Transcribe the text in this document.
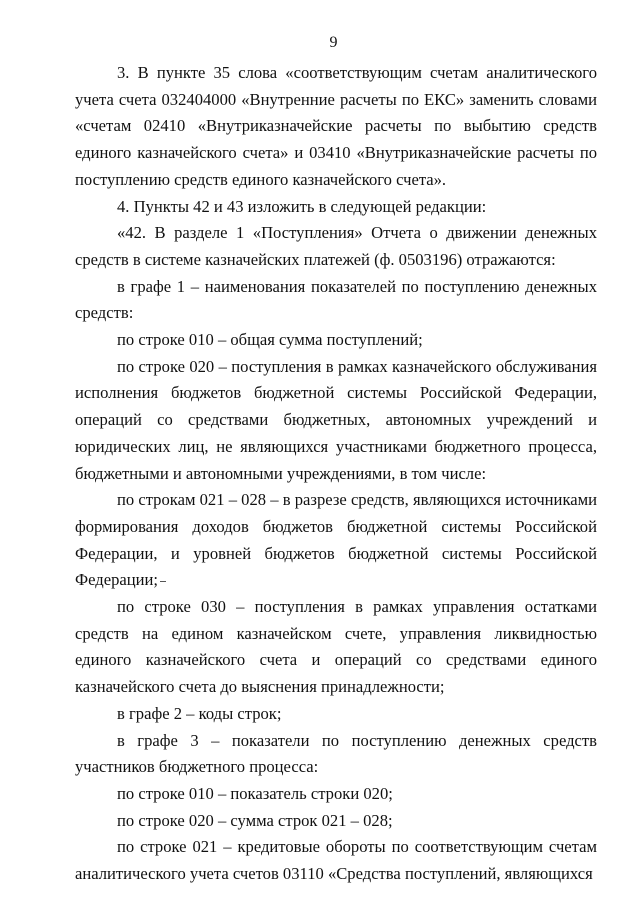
9

3. В пункте 35 слова «соответствующим счетам аналитического учета счета 032404000 «Внутренние расчеты по ЕКС» заменить словами «счетам 02410 «Внутриказначейские расчеты по выбытию средств единого казначейского счета» и 03410 «Внутриказначейские расчеты по поступлению средств единого казначейского счета».

4. Пункты 42 и 43 изложить в следующей редакции:

«42. В разделе 1 «Поступления» Отчета о движении денежных средств в системе казначейских платежей (ф. 0503196) отражаются:

в графе 1 – наименования показателей по поступлению денежных средств:

по строке 010 – общая сумма поступлений;

по строке 020 – поступления в рамках казначейского обслуживания исполнения бюджетов бюджетной системы Российской Федерации, операций со средствами бюджетных, автономных учреждений и юридических лиц, не являющихся участниками бюджетного процесса, бюджетными и автономными учреждениями, в том числе:

по строкам 021 – 028 – в разрезе средств, являющихся источниками формирования доходов бюджетов бюджетной системы Российской Федерации, и уровней бюджетов бюджетной системы Российской Федерации;

по строке 030 – поступления в рамках управления остатками средств на едином казначейском счете, управления ликвидностью единого казначейского счета и операций со средствами единого казначейского счета до выяснения принадлежности;

в графе 2 – коды строк;

в графе 3 – показатели по поступлению денежных средств участников бюджетного процесса:

по строке 010 – показатель строки 020;

по строке 020 – сумма строк 021 – 028;

по строке 021 – кредитовые обороты по соответствующим счетам аналитического учета счетов 03110 «Средства поступлений, являющихся
